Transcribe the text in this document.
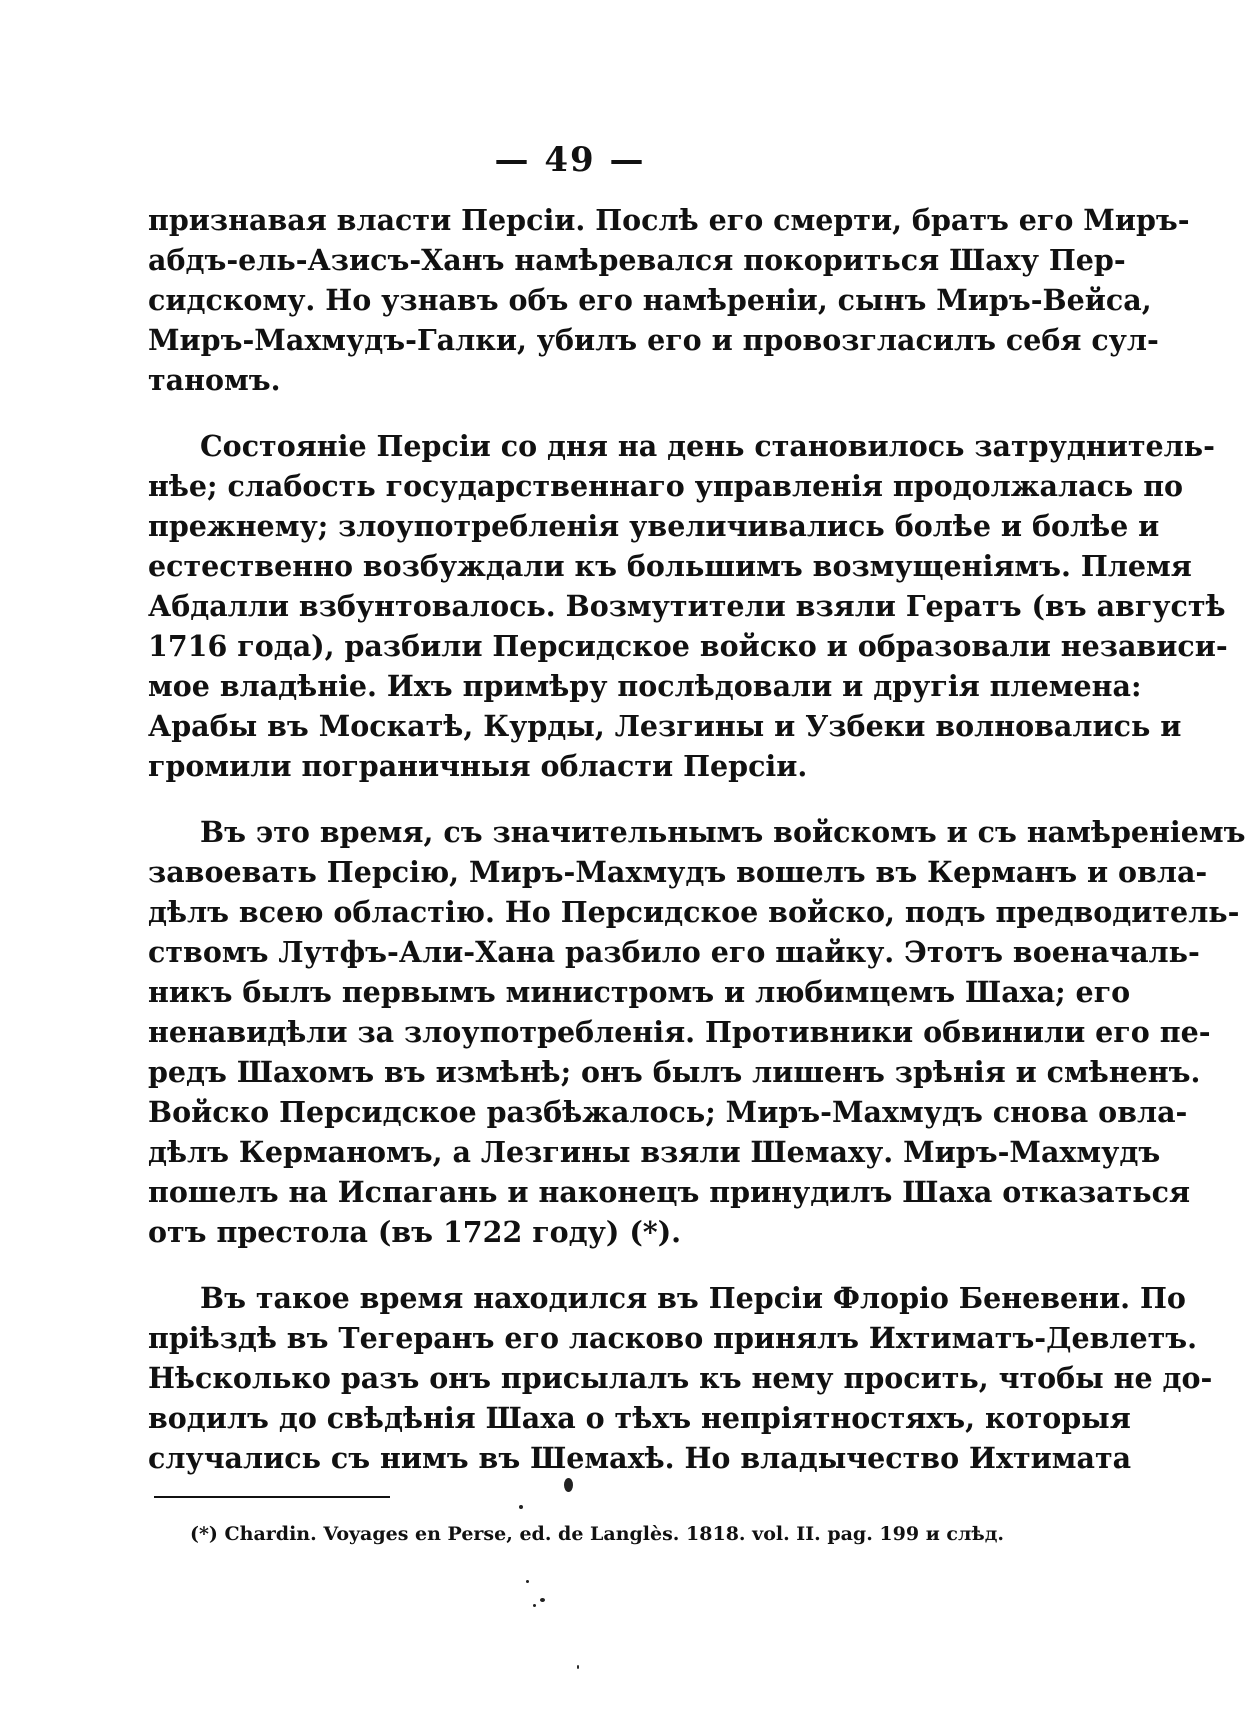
— 49 —

признавая власти Персіи. Послѣ его смерти, братъ его Миръ-
абдъ-ель-Азисъ-Ханъ намѣревался покориться Шаху Пер-
сидскому. Но узнавъ объ его намѣреніи, сынъ Миръ-Вейса,
Миръ-Махмудъ-Галки, убилъ его и провозгласилъ себя сул-
таномъ.

Состояніе Персіи со дня на день становилось затруднитель-
нѣе; слабость государственнаго управленія продолжалась по
прежнему; злоупотребленія увеличивались болѣе и болѣе и
естественно возбуждали къ большимъ возмущеніямъ. Племя
Абдалли взбунтовалось. Возмутители взяли Гератъ (въ августѣ
1716 года), разбили Персидское войско и образовали независи-
мое владѣніе. Ихъ примѣру послѣдовали и другія племена:
Арабы въ Москатѣ, Курды, Лезгины и Узбеки волновались и
громили пограничныя области Персіи.

Въ это время, съ значительнымъ войскомъ и съ намѣреніемъ
завоевать Персію, Миръ-Махмудъ вошелъ въ Керманъ и овла-
дѣлъ всею областію. Но Персидское войско, подъ предводитель-
ствомъ Лутфъ-Али-Хана разбило его шайку. Этотъ военачаль-
никъ былъ первымъ министромъ и любимцемъ Шаха; его
ненавидѣли за злоупотребленія. Противники обвинили его пе-
редъ Шахомъ въ измѣнѣ; онъ былъ лишенъ зрѣнія и смѣненъ.
Войско Персидское разбѣжалось; Миръ-Махмудъ снова овла-
дѣлъ Керманомъ, а Лезгины взяли Шемаху. Миръ-Махмудъ
пошелъ на Испагань и наконецъ принудилъ Шаха отказаться
отъ престола (въ 1722 году) (*).

Въ такое время находился въ Персіи Флоріо Беневени. По
пріѣздѣ въ Тегеранъ его ласково принялъ Ихтиматъ-Девлетъ.
Нѣсколько разъ онъ присылалъ къ нему просить, чтобы не до-
водилъ до свѣдѣнія Шаха о тѣхъ непріятностяхъ, которыя
случались съ нимъ въ Шемахѣ. Но владычество Ихтимата

(*) Chardin. Voyages en Perse, ed. de Langlès. 1818. vol. II. pag. 199 и слѣд.
